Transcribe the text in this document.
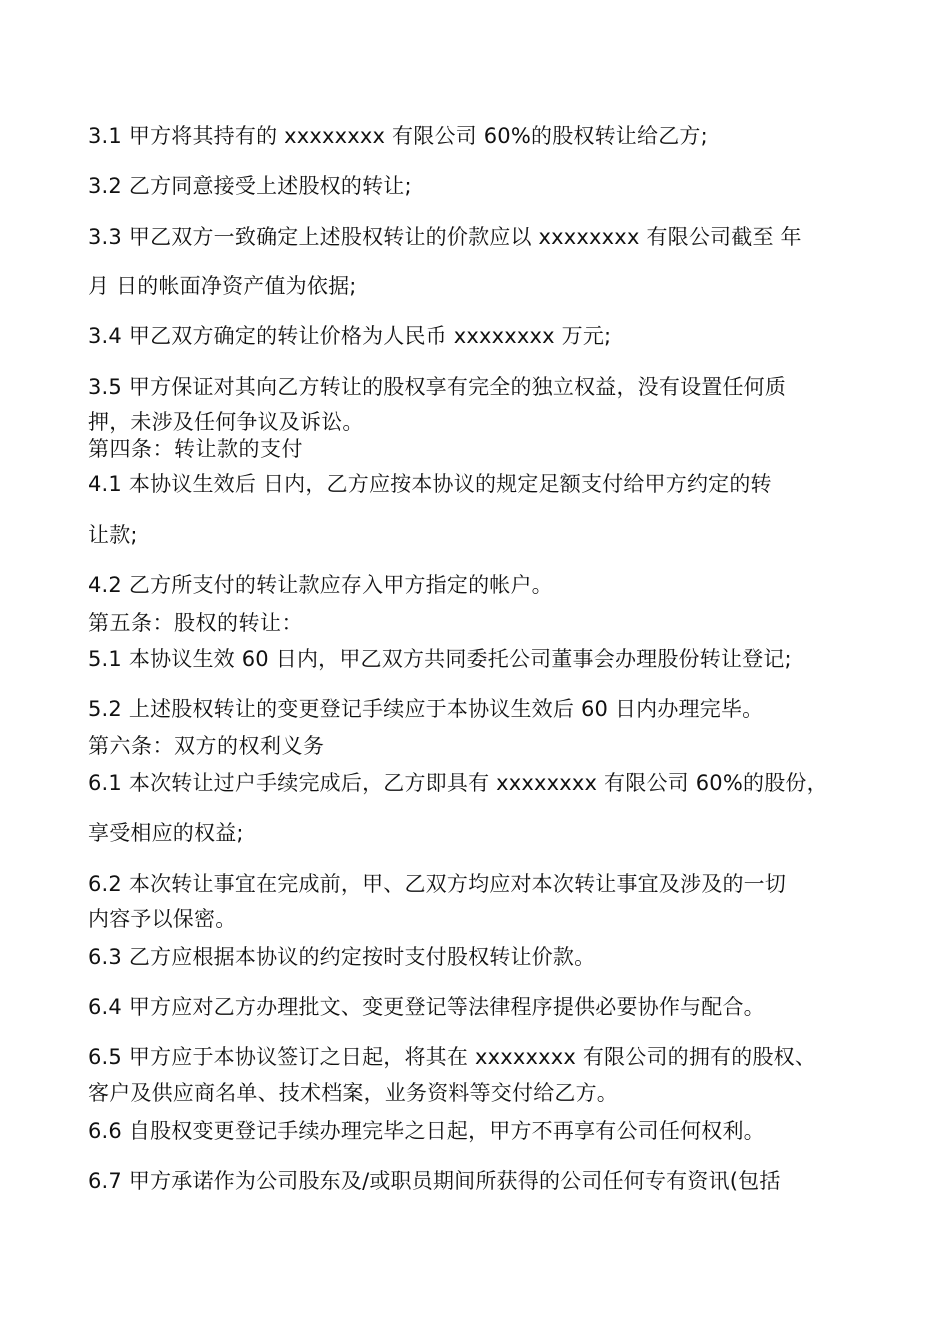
3.1 甲方将其持有的 xxxxxxxx 有限公司 60%的股权转让给乙方;
3.2 乙方同意接受上述股权的转让;
3.3 甲乙双方一致确定上述股权转让的价款应以 xxxxxxxx 有限公司截至 年
月 日的帐面净资产值为依据;
3.4 甲乙双方确定的转让价格为人民币 xxxxxxxx 万元;
3.5 甲方保证对其向乙方转让的股权享有完全的独立权益，没有设置任何质
押，未涉及任何争议及诉讼。
第四条：转让款的支付
4.1 本协议生效后 日内，乙方应按本协议的规定足额支付给甲方约定的转
让款;
4.2 乙方所支付的转让款应存入甲方指定的帐户。
第五条：股权的转让：
5.1 本协议生效 60 日内，甲乙双方共同委托公司董事会办理股份转让登记;
5.2 上述股权转让的变更登记手续应于本协议生效后 60 日内办理完毕。
第六条：双方的权利义务
6.1 本次转让过户手续完成后，乙方即具有 xxxxxxxx 有限公司 60%的股份，
享受相应的权益;
6.2 本次转让事宜在完成前，甲、乙双方均应对本次转让事宜及涉及的一切
内容予以保密。
6.3 乙方应根据本协议的约定按时支付股权转让价款。
6.4 甲方应对乙方办理批文、变更登记等法律程序提供必要协作与配合。
6.5 甲方应于本协议签订之日起，将其在 xxxxxxxx 有限公司的拥有的股权、
客户及供应商名单、技术档案，业务资料等交付给乙方。
6.6 自股权变更登记手续办理完毕之日起，甲方不再享有公司任何权利。
6.7 甲方承诺作为公司股东及/或职员期间所获得的公司任何专有资讯(包括
